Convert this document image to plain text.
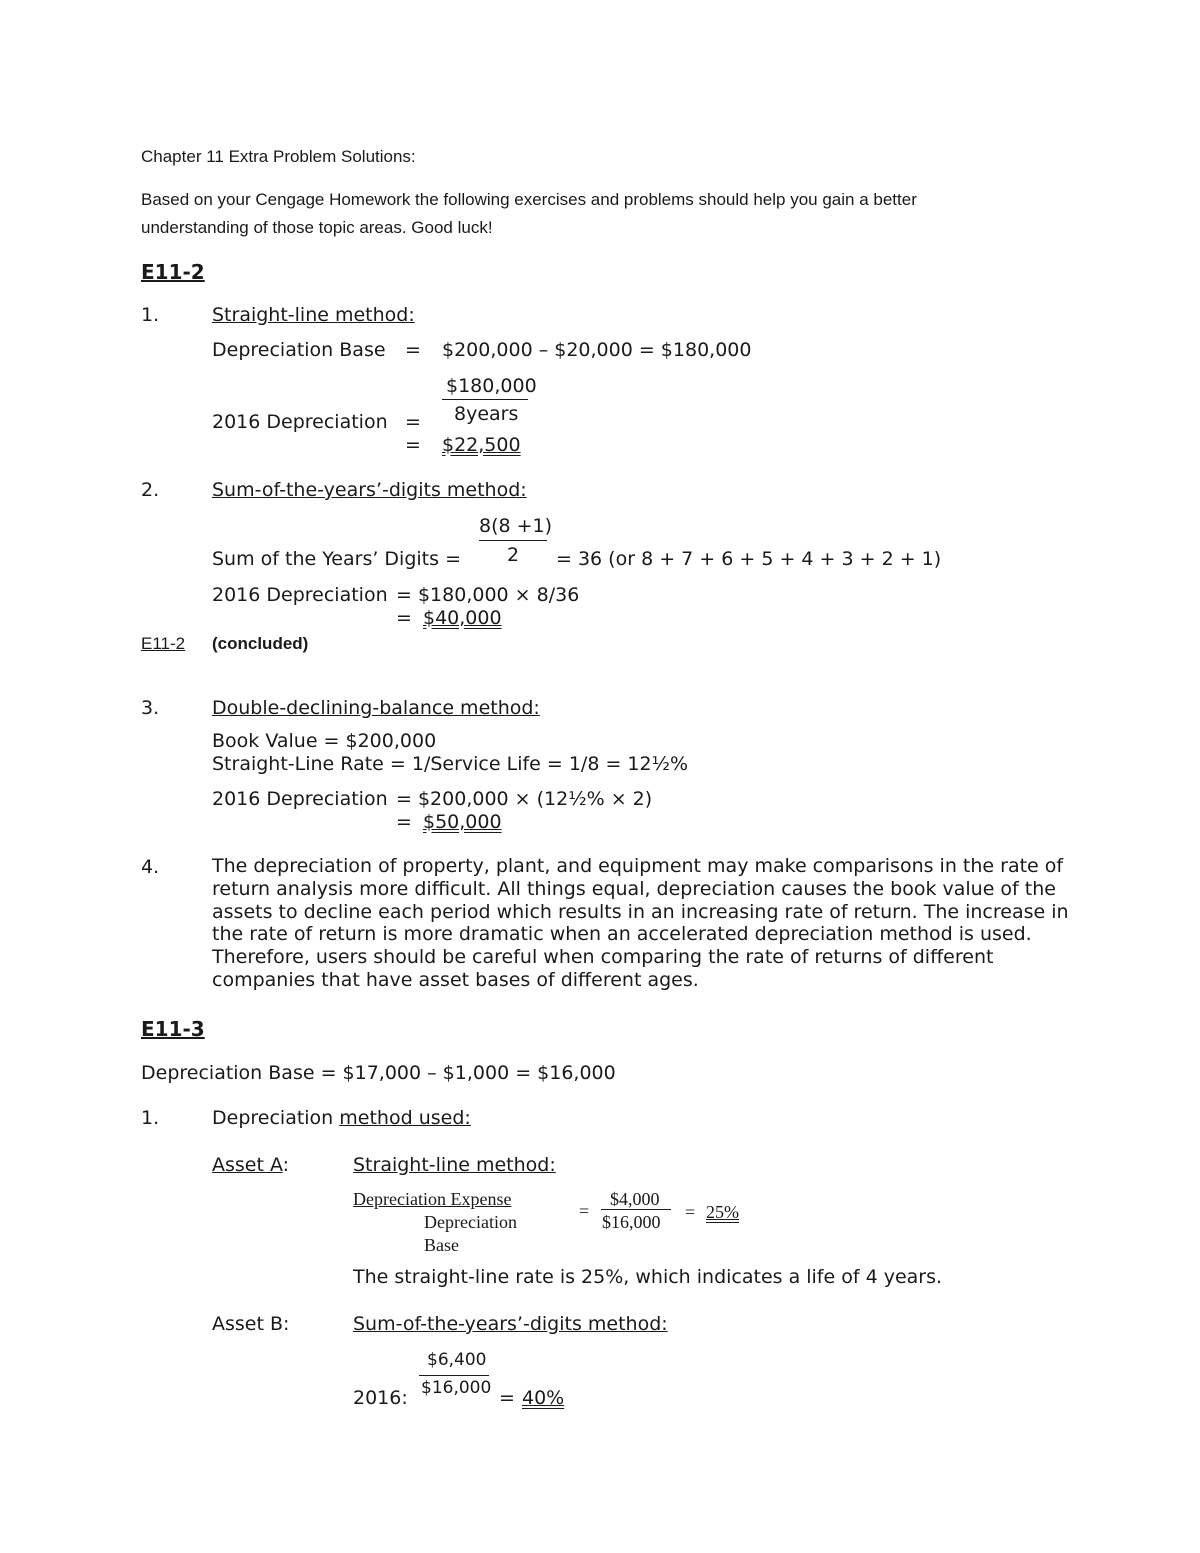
Chapter 11 Extra Problem Solutions:
Based on your Cengage Homework the following exercises and problems should help you gain a better
understanding of those topic areas. Good luck!
E11-2
1.	Straight-line method:
Depreciation Base = $200,000 – $20,000 = $180,000
$180,000
8years
2016 Depreciation =
= $22,500
2.	Sum-of-the-years’-digits method:
8(8 +1)
2
Sum of the Years’ Digits =	= 36 (or 8 + 7 + 6 + 5 + 4 + 3 + 2 + 1)
2016 Depreciation = $180,000 × 8/36
= $40,000
E11-2 (concluded)
3.	Double-declining-balance method:
Book Value = $200,000
Straight-Line Rate = 1/Service Life = 1/8 = 12½%
2016 Depreciation = $200,000 × (12½% × 2)
= $50,000
4.	The depreciation of property, plant, and equipment may make comparisons in the rate of return analysis more difficult. All things equal, depreciation causes the book value of the assets to decline each period which results in an increasing rate of return. The increase in the rate of return is more dramatic when an accelerated depreciation method is used. Therefore, users should be careful when comparing the rate of returns of different companies that have asset bases of different ages.
E11-3
Depreciation Base = $17,000 – $1,000 = $16,000
1.	Depreciation method used:
Asset A:	Straight-line method:
Depreciation Expense
Depreciation
Base
=
$4,000
$16,000 = 25%
The straight-line rate is 25%, which indicates a life of 4 years.
Asset B:	Sum-of-the-years’-digits method:
$6,400
$16,000
2016:	= 40%
